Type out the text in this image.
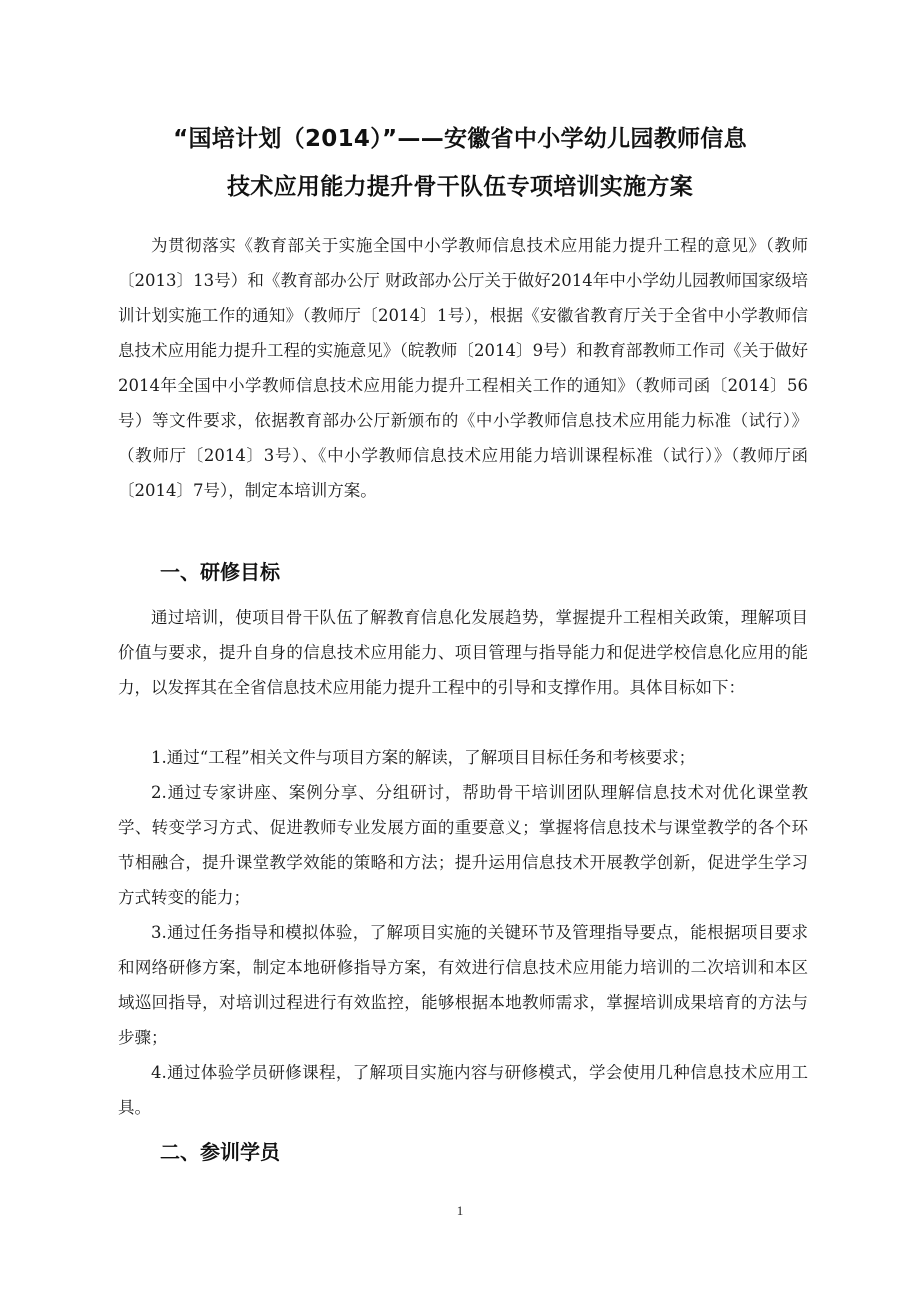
“国培计划（2014）”——安徽省中小学幼儿园教师信息
技术应用能力提升骨干队伍专项培训实施方案

为贯彻落实《教育部关于实施全国中小学教师信息技术应用能力提升工程的意见》（教师〔2013〕13号）和《教育部办公厅 财政部办公厅关于做好2014年中小学幼儿园教师国家级培训计划实施工作的通知》（教师厅〔2014〕1号），根据《安徽省教育厅关于全省中小学教师信息技术应用能力提升工程的实施意见》（皖教师〔2014〕9号）和教育部教师工作司《关于做好2014年全国中小学教师信息技术应用能力提升工程相关工作的通知》（教师司函〔2014〕56号）等文件要求，依据教育部办公厅新颁布的《中小学教师信息技术应用能力标准（试行）》（教师厅〔2014〕3号）、《中小学教师信息技术应用能力培训课程标准（试行）》（教师厅函〔2014〕7号），制定本培训方案。

一、研修目标

通过培训，使项目骨干队伍了解教育信息化发展趋势，掌握提升工程相关政策，理解项目价值与要求，提升自身的信息技术应用能力、项目管理与指导能力和促进学校信息化应用的能力，以发挥其在全省信息技术应用能力提升工程中的引导和支撑作用。具体目标如下：

1.通过“工程”相关文件与项目方案的解读，了解项目目标任务和考核要求；

2.通过专家讲座、案例分享、分组研讨，帮助骨干培训团队理解信息技术对优化课堂教学、转变学习方式、促进教师专业发展方面的重要意义；掌握将信息技术与课堂教学的各个环节相融合，提升课堂教学效能的策略和方法；提升运用信息技术开展教学创新，促进学生学习方式转变的能力；

3.通过任务指导和模拟体验，了解项目实施的关键环节及管理指导要点，能根据项目要求和网络研修方案，制定本地研修指导方案，有效进行信息技术应用能力培训的二次培训和本区域巡回指导，对培训过程进行有效监控，能够根据本地教师需求，掌握培训成果培育的方法与步骤；

4.通过体验学员研修课程，了解项目实施内容与研修模式，学会使用几种信息技术应用工具。

二、参训学员
1
